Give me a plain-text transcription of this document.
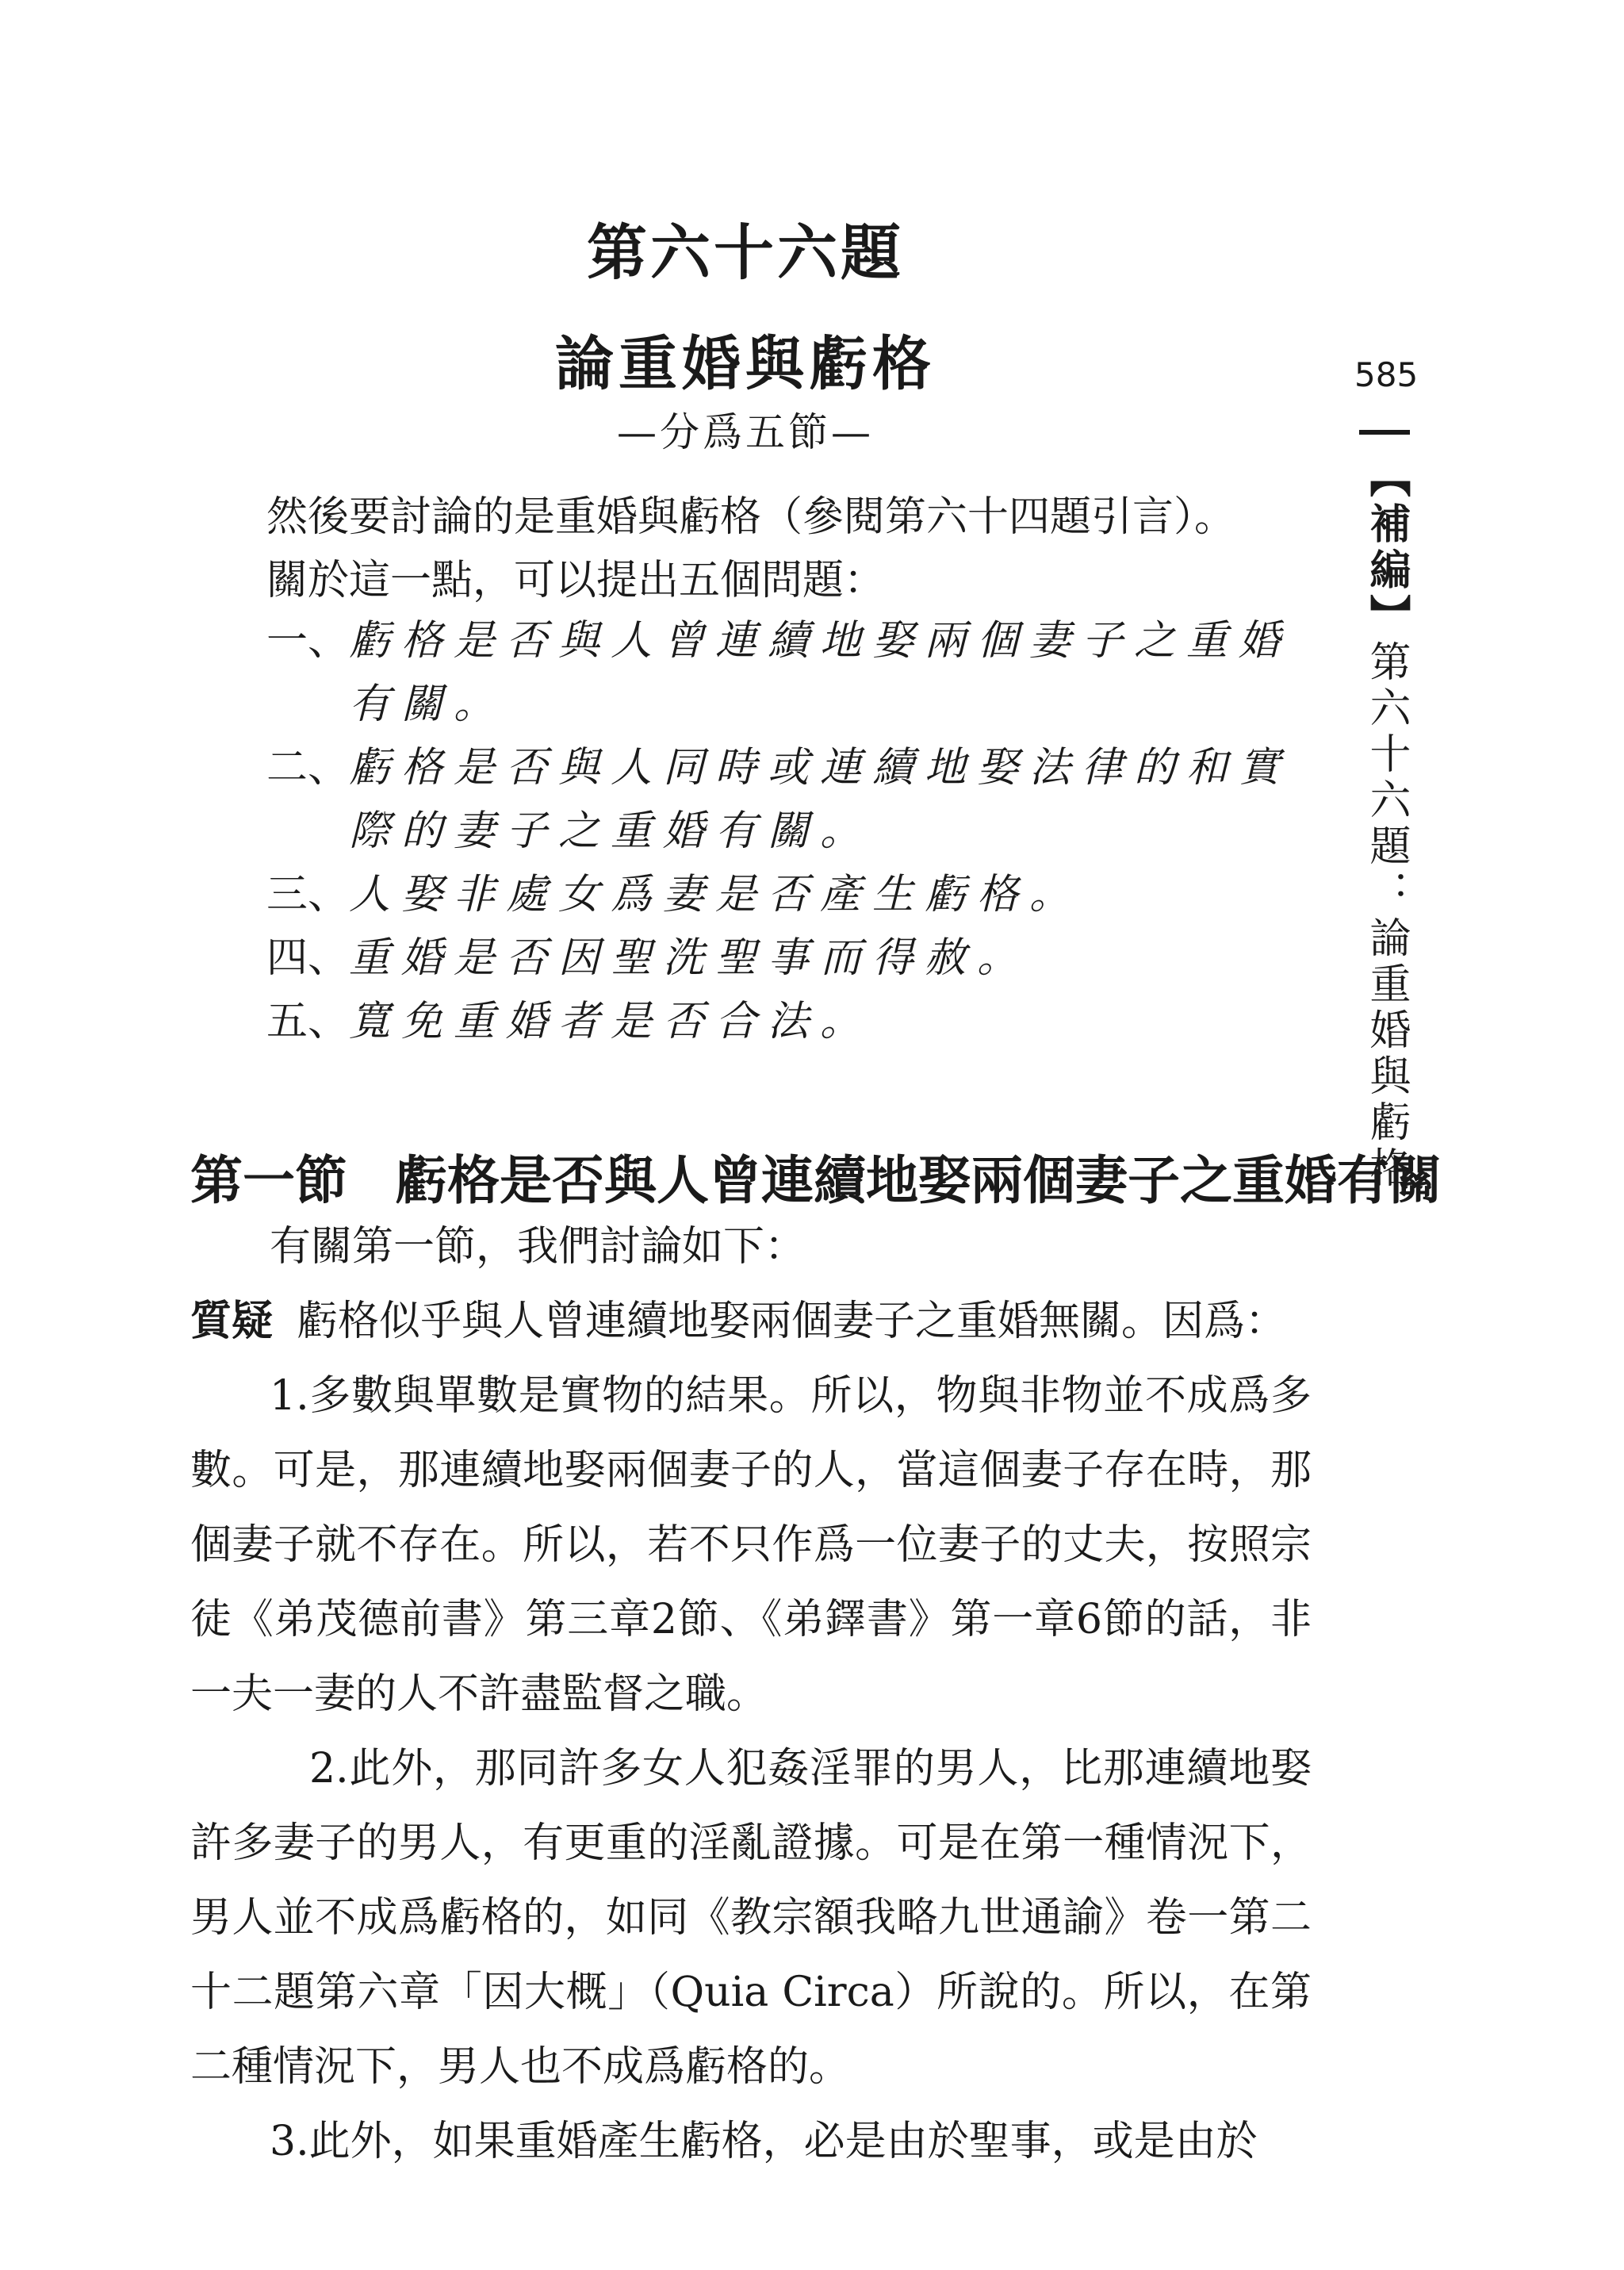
第六十六題
論重婚與虧格
—分爲五節—
585
【補編】第六十六題：論重婚與虧格
然後要討論的是重婚與虧格（參閱第六十四題引言）。
關於這一點，可以提出五個問題：
一、 虧格是否與人曾連續地娶兩個妻子之重婚有關。
二、 虧格是否與人同時或連續地娶法律的和實際的妻子之重婚有關。
三、 人娶非處女爲妻是否產生虧格。
四、 重婚是否因聖洗聖事而得赦。
五、 寬免重婚者是否合法。
第一節 虧格是否與人曾連續地娶兩個妻子之重婚有關
有關第一節，我們討論如下：
質疑 虧格似乎與人曾連續地娶兩個妻子之重婚無關。因爲：
1.多數與單數是實物的結果。所以，物與非物並不成爲多數。可是，那連續地娶兩個妻子的人，當這個妻子存在時，那個妻子就不存在。所以，若不只作爲一位妻子的丈夫，按照宗徒《弟茂德前書》第三章2節、《弟鐸書》第一章6節的話，非一夫一妻的人不許盡監督之職。
2.此外，那同許多女人犯姦淫罪的男人，比那連續地娶許多妻子的男人，有更重的淫亂證據。可是在第一種情況下，男人並不成爲虧格的，如同《教宗額我略九世通諭》卷一第二十二題第六章「因大概」（Quia Circa）所說的。所以，在第二種情況下，男人也不成爲虧格的。
3.此外，如果重婚產生虧格，必是由於聖事，或是由於
